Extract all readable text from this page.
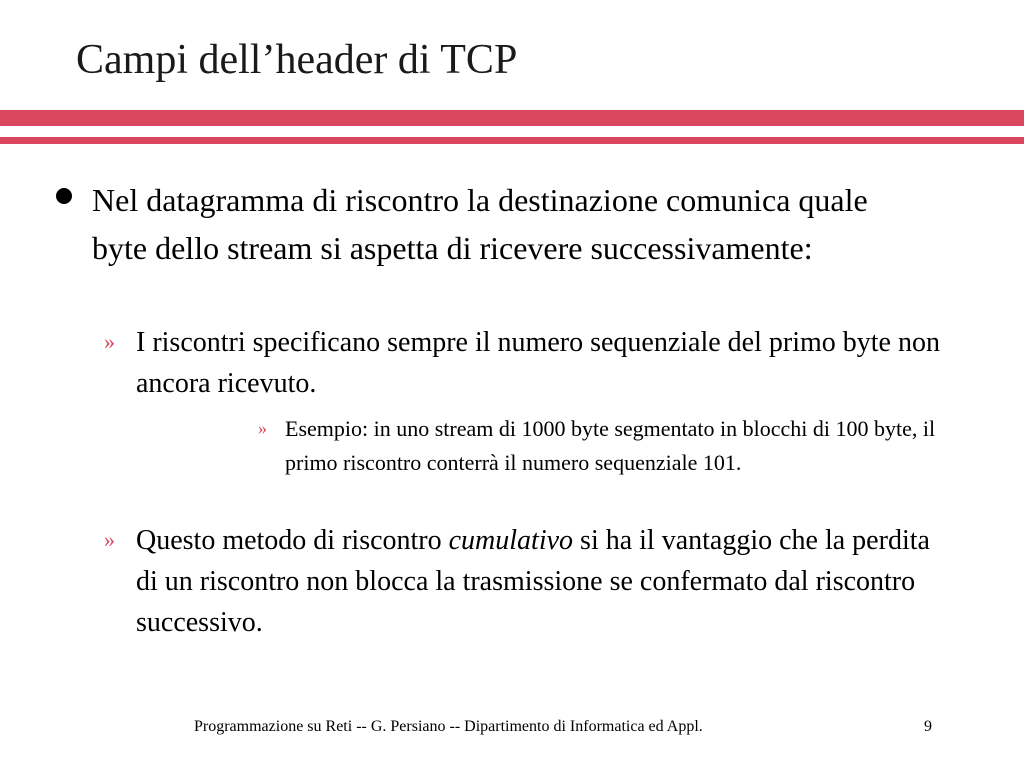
Campi dell’header di TCP
Nel datagramma di riscontro la destinazione comunica quale byte dello stream si aspetta di ricevere successivamente:
» I riscontri specificano sempre il numero sequenziale del primo byte non ancora ricevuto.
» Esempio: in uno stream di 1000 byte segmentato in blocchi di 100 byte, il primo riscontro conterrà il numero sequenziale 101.
» Questo metodo di riscontro cumulativo si ha il vantaggio che la perdita di un riscontro non blocca la trasmissione se confermato dal riscontro successivo.
Programmazione su Reti -- G. Persiano -- Dipartimento di Informatica ed Appl.	9
